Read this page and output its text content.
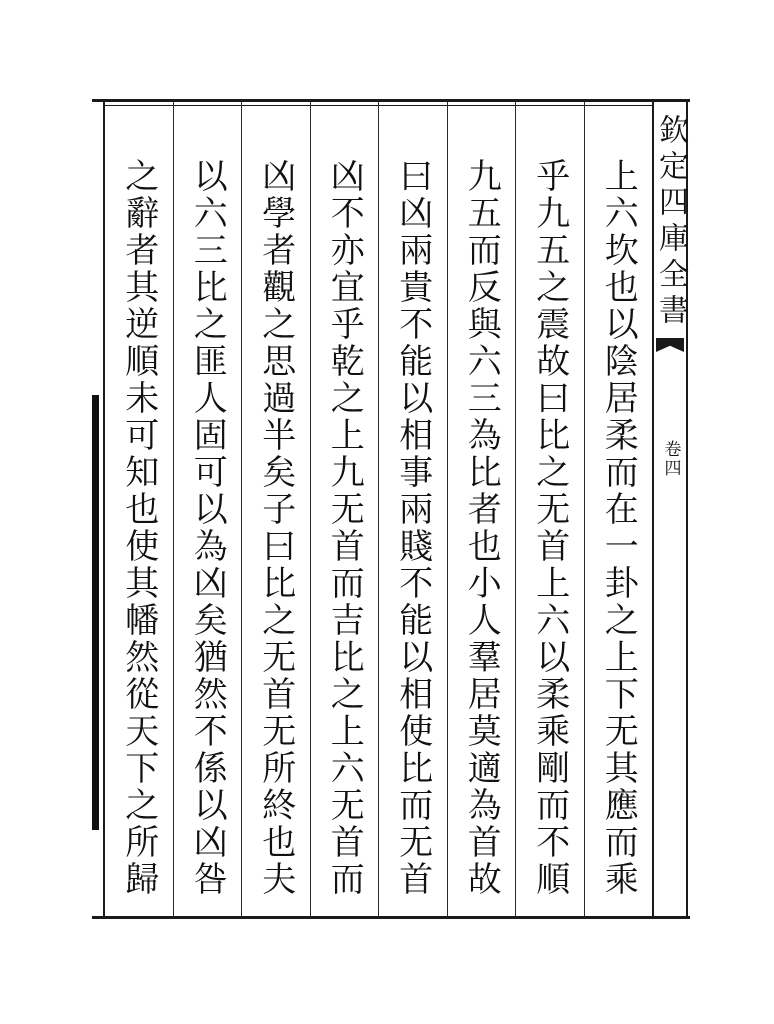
上六坎也以陰居柔而在一卦之上下无其應而乘
乎九五之震故曰比之无首上六以柔乘剛而不順
九五而反與六三為比者也小人羣居莫適為首故
曰凶兩貴不能以相事兩賤不能以相使比而无首
凶不亦宜乎乾之上九无首而吉比之上六无首而
凶學者觀之思過半矣子曰比之无首无所終也夫
以六三比之匪人固可以為凶矣猶然不係以凶咎
之辭者其逆順未可知也使其幡然從天下之所歸	欽定四庫全書
卷四
